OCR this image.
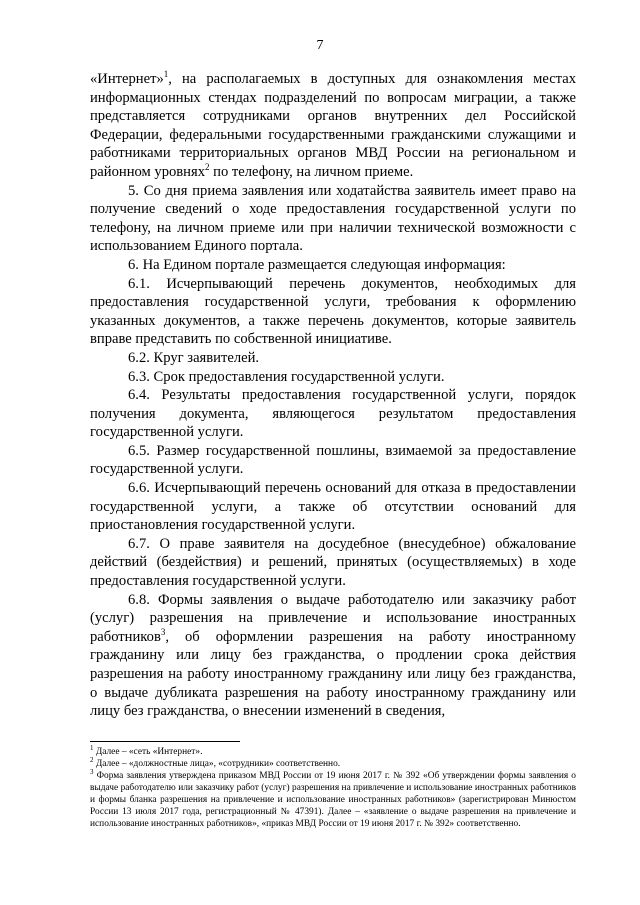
7

«Интернет»$^1$, на располагаемых в доступных для ознакомления местах информационных стендах подразделений по вопросам миграции, а также представляется сотрудниками органов внутренних дел Российской Федерации, федеральными государственными гражданскими служащими и работниками территориальных органов МВД России на региональном и районном уровнях$^2$ по телефону, на личном приеме.

5. Со дня приема заявления или ходатайства заявитель имеет право на получение сведений о ходе предоставления государственной услуги по телефону, на личном приеме или при наличии технической возможности с использованием Единого портала.

6. На Едином портале размещается следующая информация:

6.1. Исчерпывающий перечень документов, необходимых для предоставления государственной услуги, требования к оформлению указанных документов, а также перечень документов, которые заявитель вправе представить по собственной инициативе.

6.2. Круг заявителей.

6.3. Срок предоставления государственной услуги.

6.4. Результаты предоставления государственной услуги, порядок получения документа, являющегося результатом предоставления государственной услуги.

6.5. Размер государственной пошлины, взимаемой за предоставление государственной услуги.

6.6. Исчерпывающий перечень оснований для отказа в предоставлении государственной услуги, а также об отсутствии оснований для приостановления государственной услуги.

6.7. О праве заявителя на досудебное (внесудебное) обжалование действий (бездействия) и решений, принятых (осуществляемых) в ходе предоставления государственной услуги.

6.8. Формы заявления о выдаче работодателю или заказчику работ (услуг) разрешения на привлечение и использование иностранных работников$^3$, об оформлении разрешения на работу иностранному гражданину или лицу без гражданства, о продлении срока действия разрешения на работу иностранному гражданину или лицу без гражданства, о выдаче дубликата разрешения на работу иностранному гражданину или лицу без гражданства, о внесении изменений в сведения,

$^1$ Далее – «сеть «Интернет».

$^2$ Далее – «должностные лица», «сотрудники» соответственно.

$^3$ Форма заявления утверждена приказом МВД России от 19 июня 2017 г. № 392 «Об утверждении формы заявления о выдаче работодателю или заказчику работ (услуг) разрешения на привлечение и использование иностранных работников и формы бланка разрешения на привлечение и использование иностранных работников» (зарегистрирован Минюстом России 13 июля 2017 года, регистрационный № 47391). Далее – «заявление о выдаче разрешения на привлечение и использование иностранных работников», «приказ МВД России от 19 июня 2017 г. № 392» соответственно.
